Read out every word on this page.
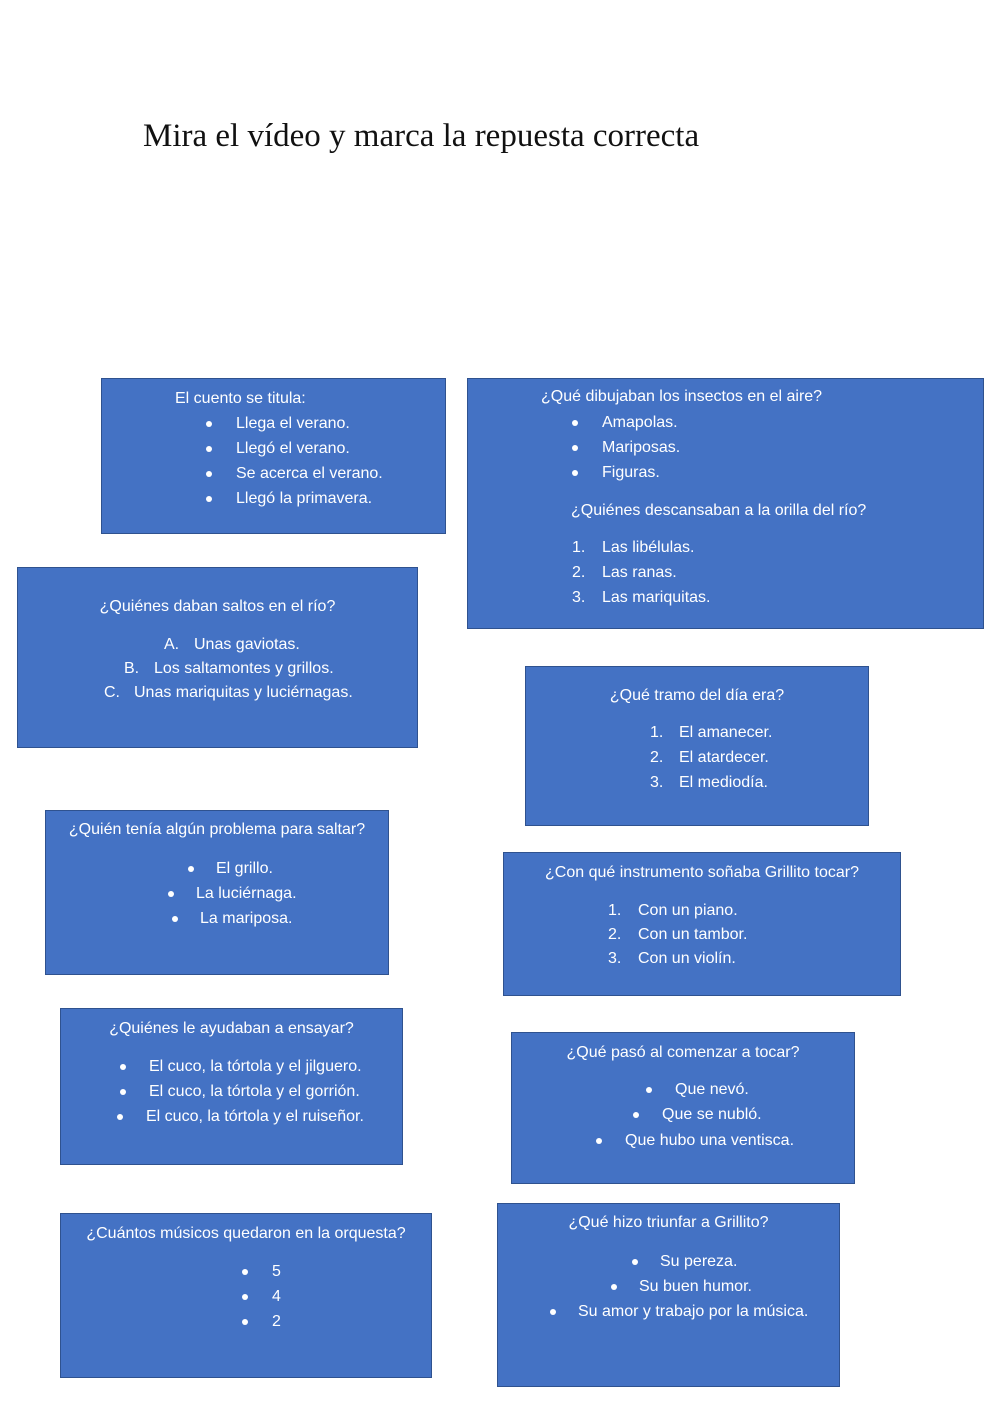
Mira el vídeo y marca la repuesta correcta

El cuento se titula:

Llega el verano.
Llegó el verano.
Se acerca el verano.
Llegó la primavera.

¿Qué dibujaban los insectos en el aire?

Amapolas.
Mariposas.
Figuras.

¿Quiénes descansaban a la orilla del río?

1. Las libélulas.
2. Las ranas.
3. Las mariquitas.

¿Quiénes daban saltos en el río?

A. Unas gaviotas.
B. Los saltamontes y grillos.
C. Unas mariquitas y luciérnagas.	¿Qué tramo del día era?

1. El amanecer.
2. El atardecer.
3. El mediodía.

¿Quién tenía algún problema para saltar?

El grillo.
La luciérnaga.
La mariposa.

¿Con qué instrumento soñaba Grillito tocar?

1. Con un piano.
2. Con un tambor.
3. Con un violín.

¿Quiénes le ayudaban a ensayar?

El cuco, la tórtola y el jilguero.
El cuco, la tórtola y el gorrión.
El cuco, la tórtola y el ruiseñor.

¿Qué pasó al comenzar a tocar?

Que nevó.
Que se nubló.
Que hubo una ventisca.

¿Cuántos músicos quedaron en la orquesta?

5
4
2

¿Qué hizo triunfar a Grillito?

Su pereza.
Su buen humor.
Su amor y trabajo por la música.
